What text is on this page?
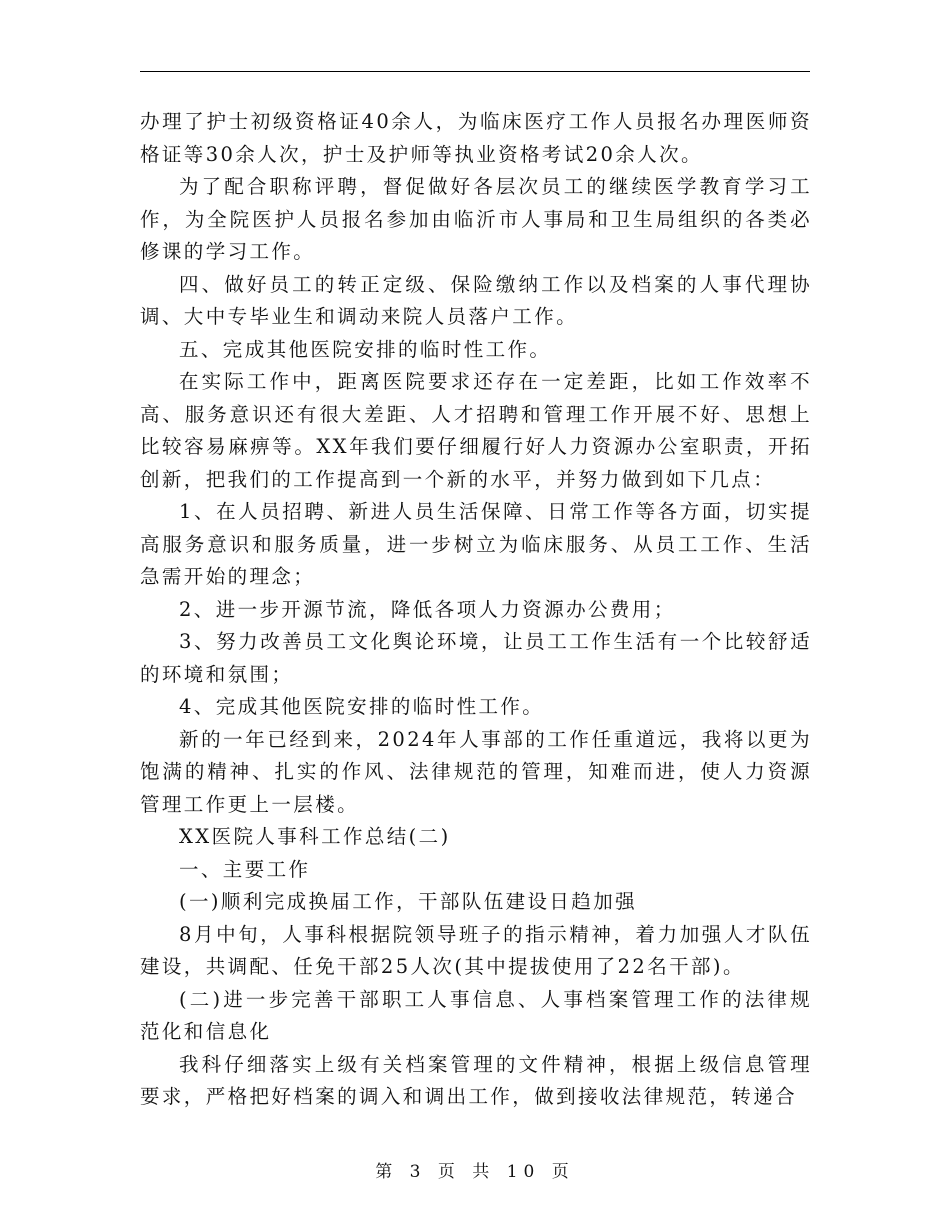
办理了护士初级资格证40余人，为临床医疗工作人员报名办理医师资格证等30余人次，护士及护师等执业资格考试20余人次。

为了配合职称评聘，督促做好各层次员工的继续医学教育学习工作，为全院医护人员报名参加由临沂市人事局和卫生局组织的各类必修课的学习工作。

四、做好员工的转正定级、保险缴纳工作以及档案的人事代理协调、大中专毕业生和调动来院人员落户工作。

五、完成其他医院安排的临时性工作。

在实际工作中，距离医院要求还存在一定差距，比如工作效率不高、服务意识还有很大差距、人才招聘和管理工作开展不好、思想上比较容易麻痹等。XX年我们要仔细履行好人力资源办公室职责，开拓创新，把我们的工作提高到一个新的水平，并努力做到如下几点：

1、在人员招聘、新进人员生活保障、日常工作等各方面，切实提高服务意识和服务质量，进一步树立为临床服务、从员工工作、生活急需开始的理念；

2、进一步开源节流，降低各项人力资源办公费用；

3、努力改善员工文化舆论环境，让员工工作生活有一个比较舒适的环境和氛围；

4、完成其他医院安排的临时性工作。

新的一年已经到来，2024年人事部的工作任重道远，我将以更为饱满的精神、扎实的作风、法律规范的管理，知难而进，使人力资源管理工作更上一层楼。

XX医院人事科工作总结(二)

一、主要工作

(一)顺利完成换届工作，干部队伍建设日趋加强

8月中旬，人事科根据院领导班子的指示精神，着力加强人才队伍建设，共调配、任免干部25人次(其中提拔使用了22名干部)。

(二)进一步完善干部职工人事信息、人事档案管理工作的法律规范化和信息化

我科仔细落实上级有关档案管理的文件精神，根据上级信息管理要求，严格把好档案的调入和调出工作，做到接收法律规范，转递合

第 3 页 共 10 页
